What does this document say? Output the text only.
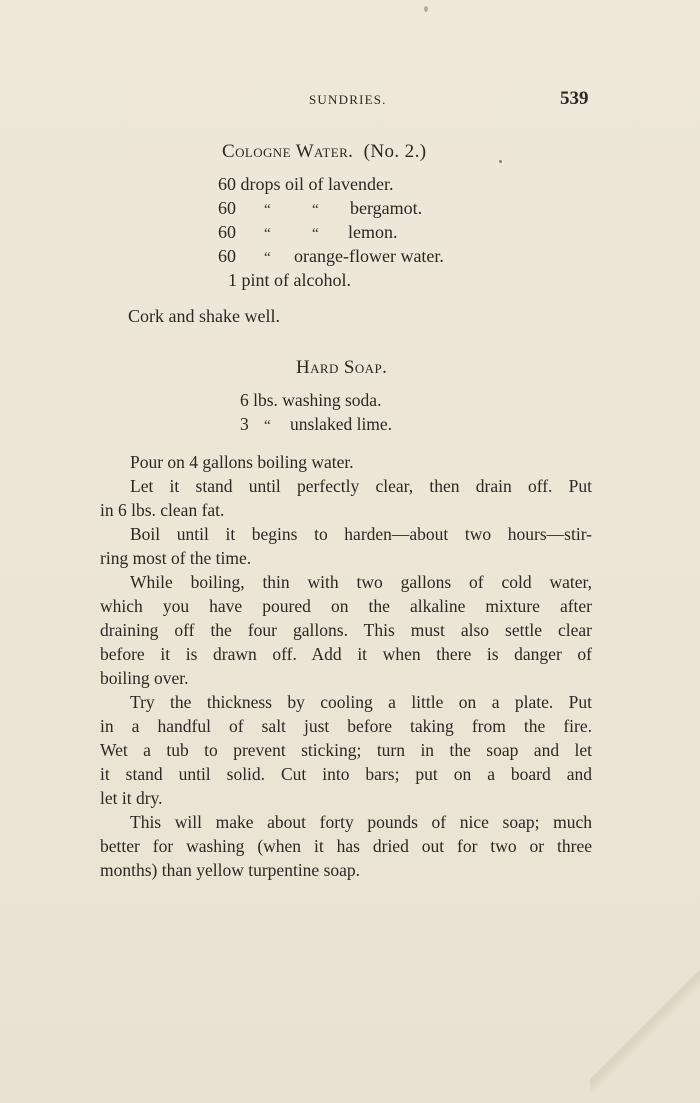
SUNDRIES.	539
Cologne Water. (No. 2.)
60 drops oil of lavender.
60 “	“ bergamot.
60 “	“ lemon.
60 “ orange-flower water.
1 pint of alcohol.
Cork and shake well.
Hard Soap.
6 lbs. washing soda.
3 “ unslaked lime.
Pour on 4 gallons boiling water.
Let it stand until perfectly clear, then drain off. Put
in 6 lbs. clean fat.
Boil until it begins to harden—about two hours—stir-
ring most of the time.
While boiling, thin with two gallons of cold water,
which you have poured on the alkaline mixture after
draining off the four gallons. This must also settle clear
before it is drawn off. Add it when there is danger of
boiling over.
Try the thickness by cooling a little on a plate. Put
in a handful of salt just before taking from the fire.
Wet a tub to prevent sticking; turn in the soap and let
it stand until solid. Cut into bars; put on a board and
let it dry.
This will make about forty pounds of nice soap; much
better for washing (when it has dried out for two or three
months) than yellow turpentine soap.
